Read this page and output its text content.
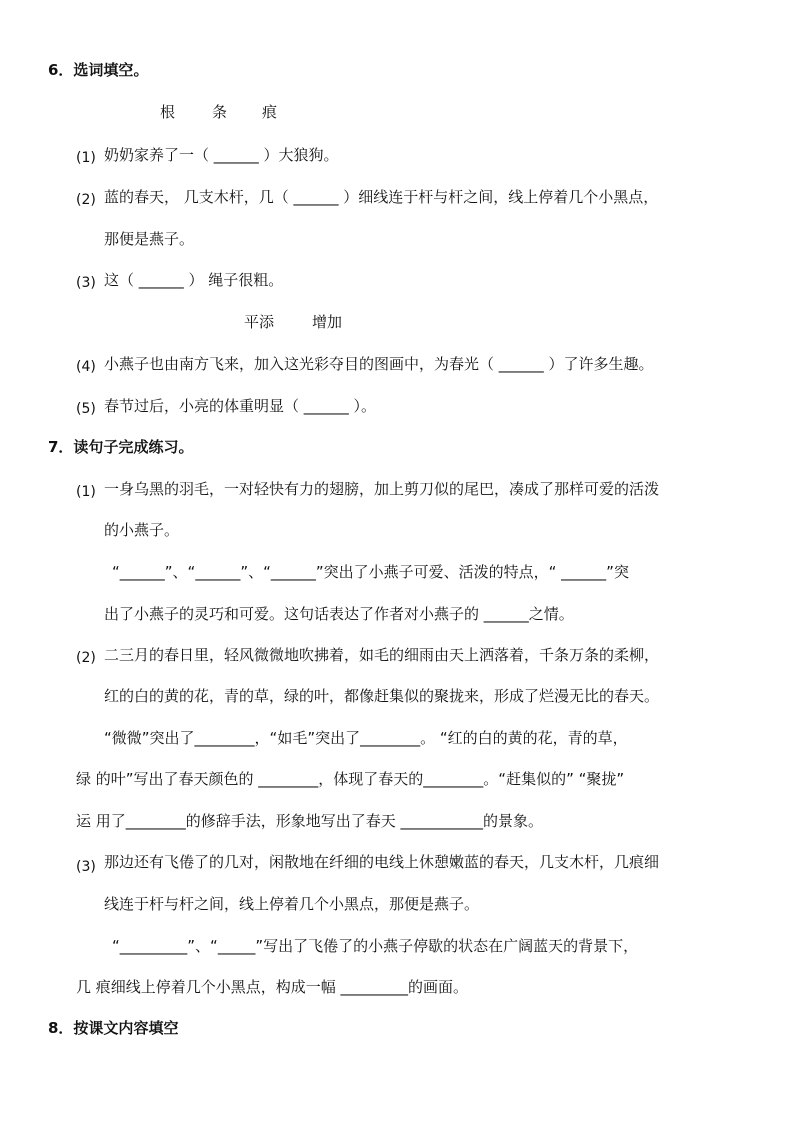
6．选词填空。
根 条 痕
(1) 奶奶家养了一（ ______ ）大狼狗。
(2) 蓝的春天， 几支木杆，几（ ______ ）细线连于杆与杆之间，线上停着几个小黑点，
那便是燕子。
(3) 这（ ______ ） 绳子很粗。
平添	增加
(4) 小燕子也由南方飞来，加入这光彩夺目的图画中，为春光（ ______ ）了许多生趣。
(5) 春节过后，小亮的体重明显（ ______ ）。
7．读句子完成练习。
(1) 一身乌黑的羽毛，一对轻快有力的翅膀，加上剪刀似的尾巴，凑成了那样可爱的活泼
的小燕子。
“______”、“______”、“______”突出了小燕子可爱、活泼的特点，“ ______”突
出了小燕子的灵巧和可爱。这句话表达了作者对小燕子的 ______之情。
(2) 二三月的春日里，轻风微微地吹拂着，如毛的细雨由天上洒落着，千条万条的柔柳，
红的白的黄的花，青的草，绿的叶，都像赶集似的聚拢来，形成了烂漫无比的春天。
“微微”突出了________，“如毛”突出了________。 “红的白的黄的花，青的草，
绿 的叶”写出了春天颜色的 ________，体现了春天的________。“赶集似的” “聚拢”
运 用了________的修辞手法，形象地写出了春天 ___________的景象。
(3) 那边还有飞倦了的几对，闲散地在纤细的电线上休憩嫩蓝的春天，几支木杆，几痕细
线连于杆与杆之间，线上停着几个小黑点，那便是燕子。
“_________”、“_____”写出了飞倦了的小燕子停歇的状态在广阔蓝天的背景下，
几 痕细线上停着几个小黑点，构成一幅 _________的画面。
8．按课文内容填空
